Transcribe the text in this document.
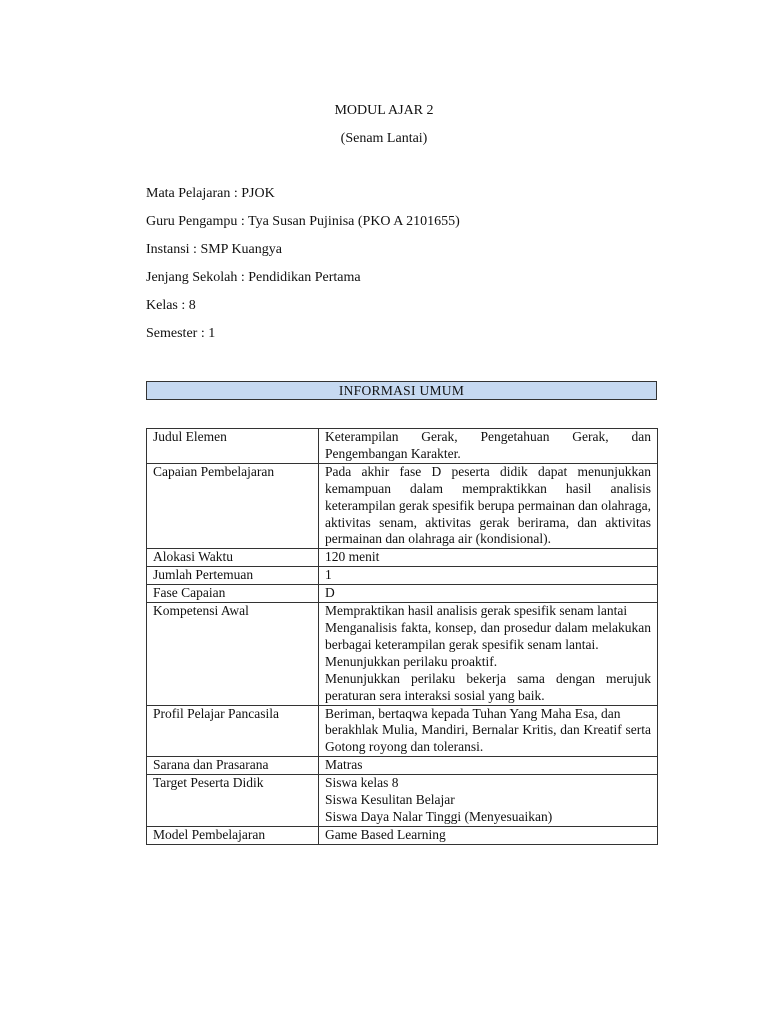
MODUL AJAR 2
(Senam Lantai)
Mata Pelajaran : PJOK
Guru Pengampu : Tya Susan Pujinisa (PKO A 2101655)
Instansi : SMP Kuangya
Jenjang Sekolah : Pendidikan Pertama
Kelas : 8
Semester : 1
INFORMASI UMUM
Judul Elemen	Keterampilan Gerak, Pengetahuan Gerak, dan Pengembangan Karakter.

Capaian Pembelajaran	Pada akhir fase D peserta didik dapat menunjukkan kemampuan dalam mempraktikkan hasil analisis keterampilan gerak spesifik berupa permainan dan olahraga, aktivitas senam, aktivitas gerak berirama, dan aktivitas permainan dan olahraga air (kondisional).

Alokasi Waktu	120 menit

Jumlah Pertemuan	1

Fase Capaian	D

Kompetensi Awal	Mempraktikan hasil analisis gerak spesifik senam lantai
Menganalisis fakta, konsep, dan prosedur dalam melakukan berbagai keterampilan gerak spesifik senam lantai.
Menunjukkan perilaku proaktif.
Menunjukkan perilaku bekerja sama dengan merujuk peraturan sera interaksi sosial yang baik.

Profil Pelajar Pancasila	Beriman, bertaqwa kepada Tuhan Yang Maha Esa, dan
berakhlak Mulia, Mandiri, Bernalar Kritis, dan Kreatif serta Gotong royong dan toleransi.

Sarana dan Prasarana	Matras

Target Peserta Didik	Siswa kelas 8
Siswa Kesulitan Belajar
Siswa Daya Nalar Tinggi (Menyesuaikan)

Model Pembelajaran	Game Based Learning
